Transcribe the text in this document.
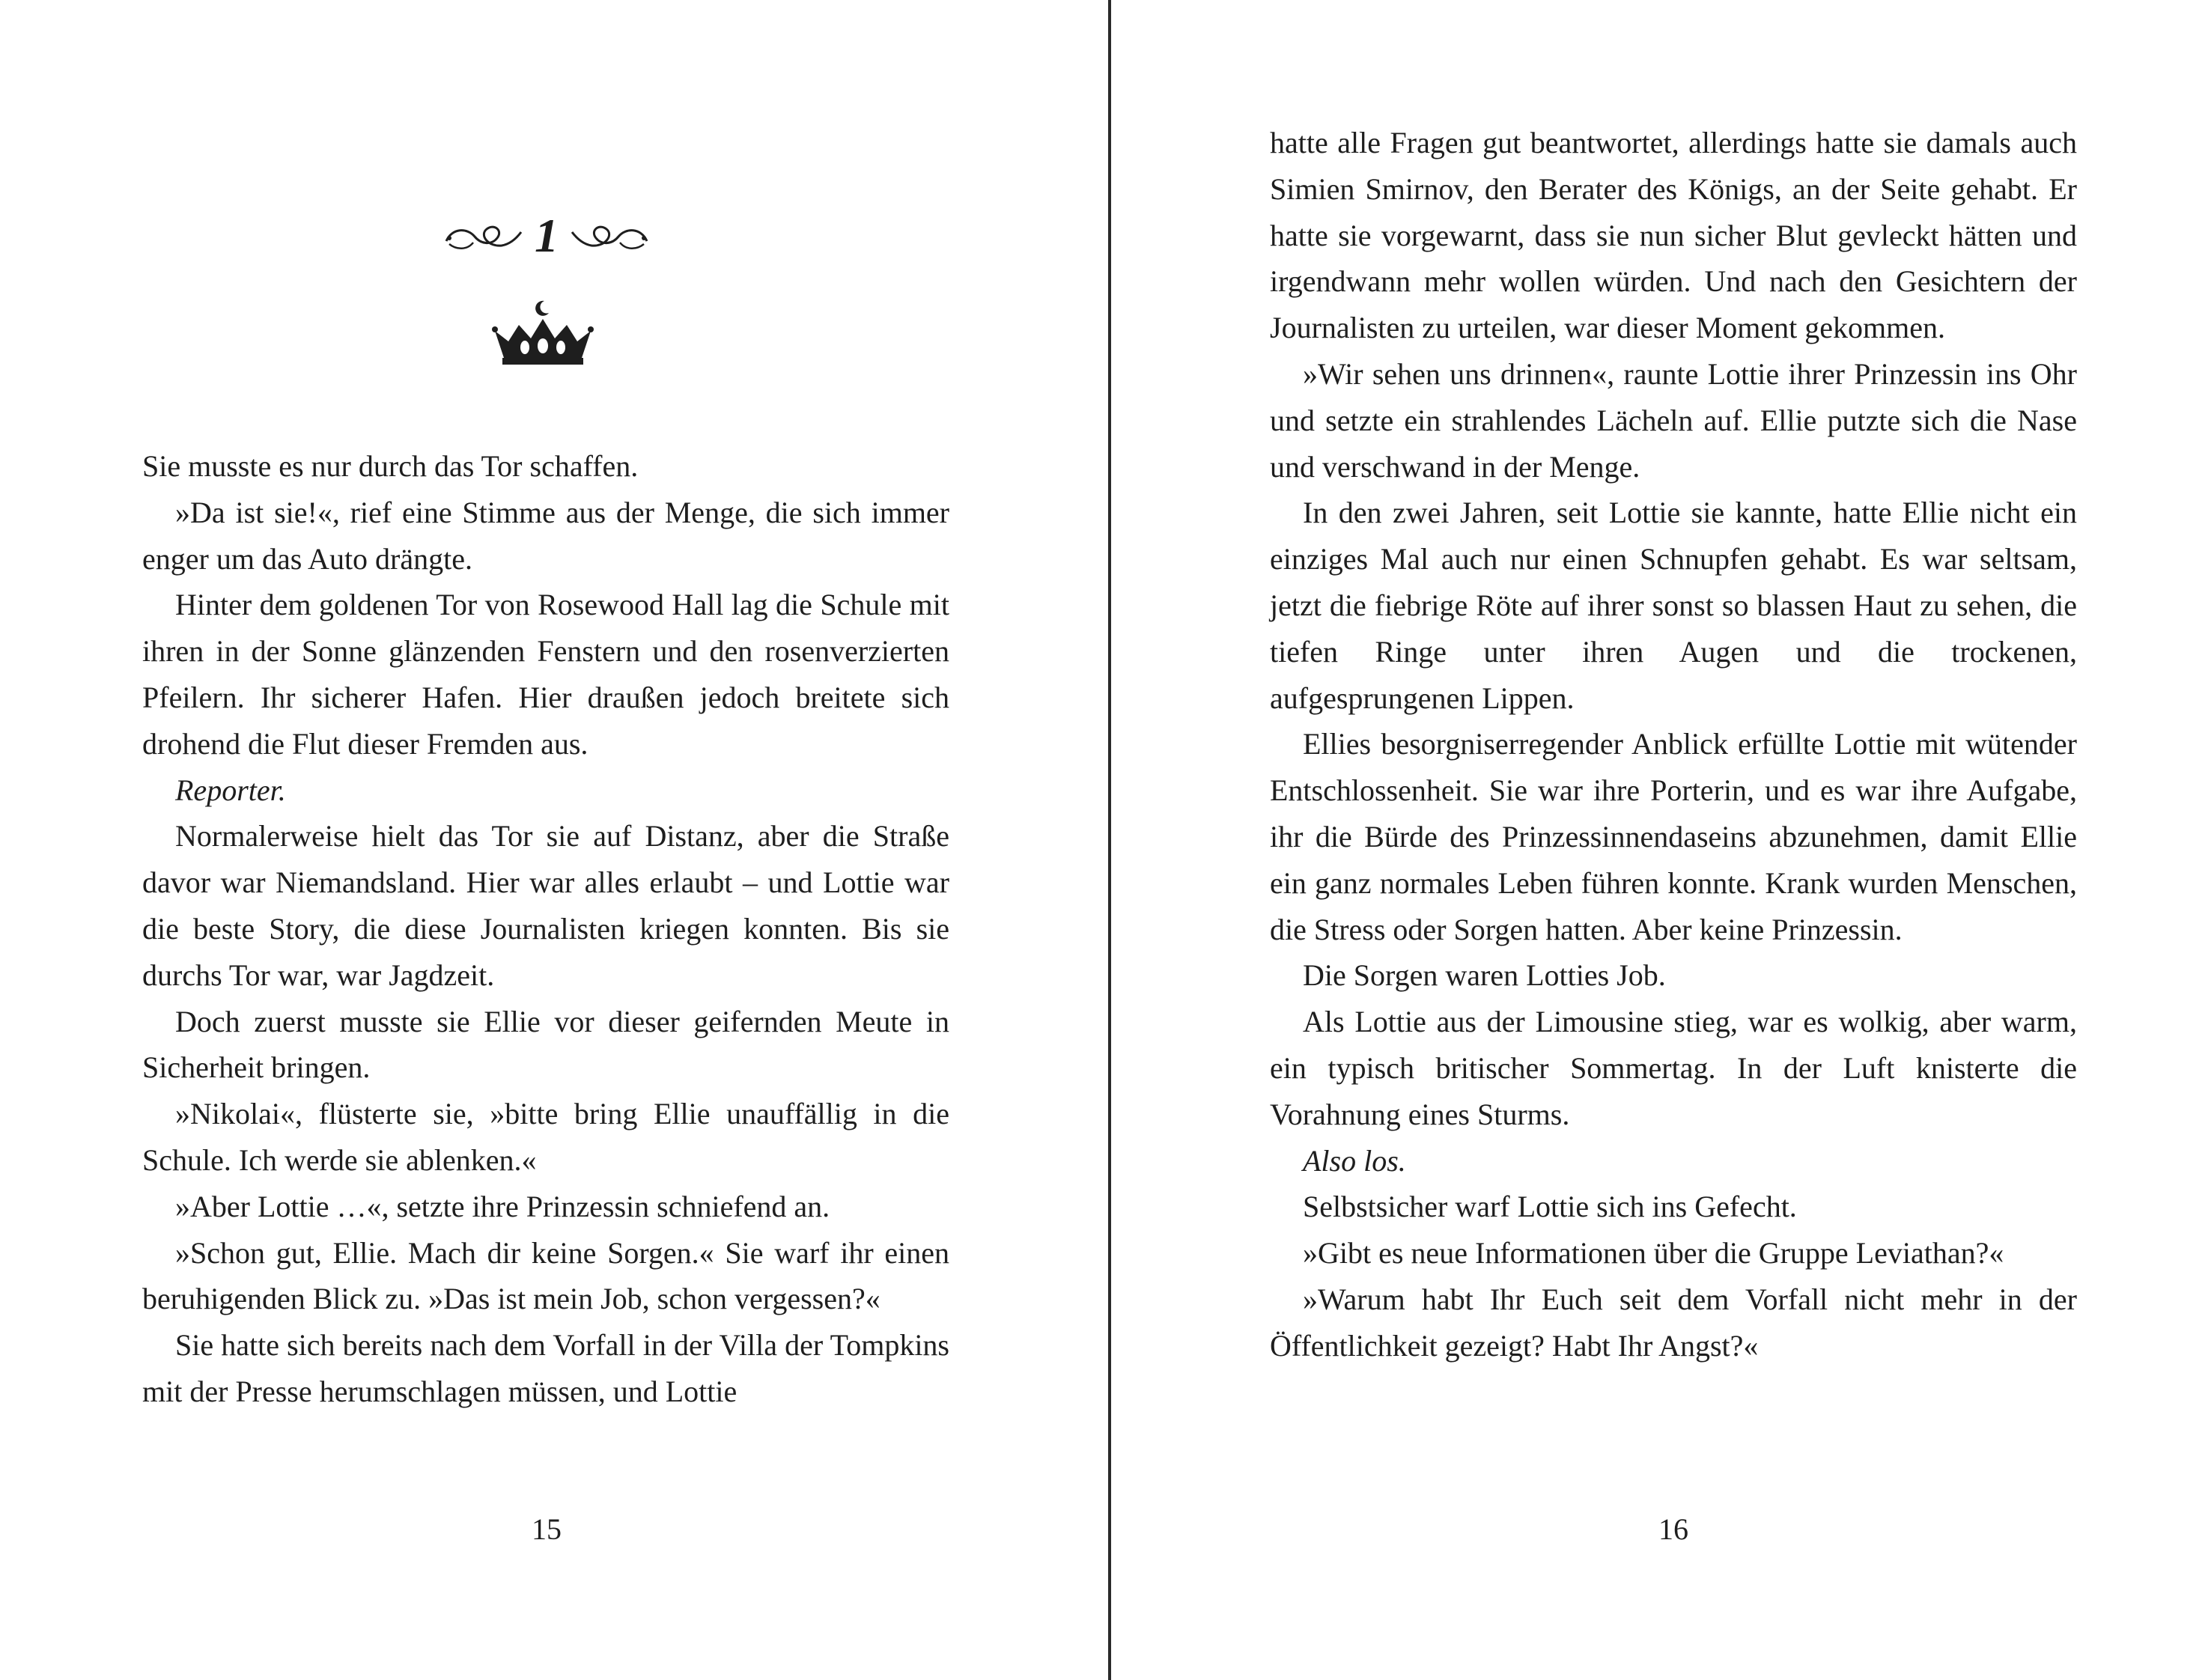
1

Sie musste es nur durch das Tor schaffen.

»Da ist sie!«, rief eine Stimme aus der Menge, die sich immer enger um das Auto drängte.

Hinter dem goldenen Tor von Rosewood Hall lag die Schule mit ihren in der Sonne glänzenden Fenstern und den rosenverzierten Pfeilern. Ihr sicherer Hafen. Hier draußen jedoch breitete sich drohend die Flut dieser Fremden aus.

Reporter.

Normalerweise hielt das Tor sie auf Distanz, aber die Straße davor war Niemandsland. Hier war alles erlaubt – und Lottie war die beste Story, die diese Journalisten kriegen konnten. Bis sie durchs Tor war, war Jagdzeit.

Doch zuerst musste sie Ellie vor dieser geifernden Meute in Sicherheit bringen.

»Nikolai«, flüsterte sie, »bitte bring Ellie unauffällig in die Schule. Ich werde sie ablenken.«

»Aber Lottie …«, setzte ihre Prinzessin schniefend an.

»Schon gut, Ellie. Mach dir keine Sorgen.« Sie warf ihr einen beruhigenden Blick zu. »Das ist mein Job, schon vergessen?«

Sie hatte sich bereits nach dem Vorfall in der Villa der Tompkins mit der Presse herumschlagen müssen, und Lottie

15

hatte alle Fragen gut beantwortet, allerdings hatte sie damals auch Simien Smirnov, den Berater des Königs, an der Seite gehabt. Er hatte sie vorgewarnt, dass sie nun sicher Blut gevleckt hätten und irgendwann mehr wollen würden. Und nach den Gesichtern der Journalisten zu urteilen, war dieser Moment gekommen.

»Wir sehen uns drinnen«, raunte Lottie ihrer Prinzessin ins Ohr und setzte ein strahlendes Lächeln auf. Ellie putzte sich die Nase und verschwand in der Menge.

In den zwei Jahren, seit Lottie sie kannte, hatte Ellie nicht ein einziges Mal auch nur einen Schnupfen gehabt. Es war seltsam, jetzt die fiebrige Röte auf ihrer sonst so blassen Haut zu sehen, die tiefen Ringe unter ihren Augen und die trockenen, aufgesprungenen Lippen.

Ellies besorgniserregender Anblick erfüllte Lottie mit wütender Entschlossenheit. Sie war ihre Porterin, und es war ihre Aufgabe, ihr die Bürde des Prinzessinnendaseins abzunehmen, damit Ellie ein ganz normales Leben führen konnte. Krank wurden Menschen, die Stress oder Sorgen hatten. Aber keine Prinzessin.

Die Sorgen waren Lotties Job.

Als Lottie aus der Limousine stieg, war es wolkig, aber warm, ein typisch britischer Sommertag. In der Luft knisterte die Vorahnung eines Sturms.

Also los.

Selbstsicher warf Lottie sich ins Gefecht.

»Gibt es neue Informationen über die Gruppe Leviathan?«

»Warum habt Ihr Euch seit dem Vorfall nicht mehr in der Öffentlichkeit gezeigt? Habt Ihr Angst?«

16
